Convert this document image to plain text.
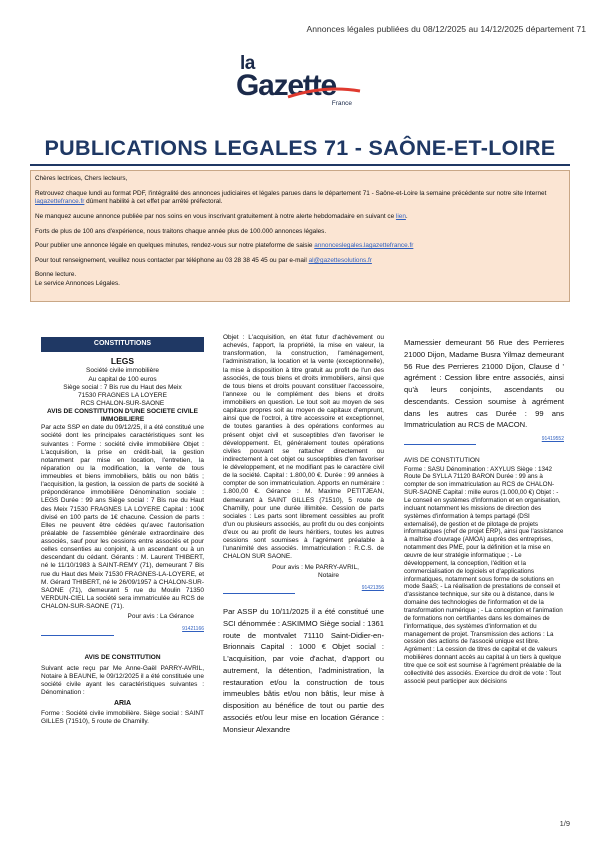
Annonces légales publiées du 08/12/2025 au 14/12/2025 département 71
la
Gazette
France
PUBLICATIONS LEGALES 71 - SAÔNE-ET-LOIRE

Chères lectrices, Chers lecteurs,

Retrouvez chaque lundi au format PDF, l'intégralité des annonces judiciaires et légales parues dans le département 71 - Saône-et-Loire la semaine précédente sur notre site Internet lagazettefrance.fr dûment habilité à cet effet par arrêté préfectoral.

Ne manquez aucune annonce publiée par nos soins en vous inscrivant gratuitement à notre alerte hebdomadaire en suivant ce lien.

Forts de plus de 100 ans d'expérience, nous traitons chaque année plus de 100.000 annonces légales.

Pour publier une annonce légale en quelques minutes, rendez-vous sur notre plateforme de saisie annonceslegales.lagazettefrance.fr

Pour tout renseignement, veuillez nous contacter par téléphone au 03 28 38 45 45 ou par e-mail al@gazettesolutions.fr

Bonne lecture.

Le service Annonces Légales.

CONSTITUTIONS
LEGS
Société civile immobilière
Au capital de 100 euros
Siège social : 7 Bis rue du Haut des Meix
71530 FRAGNES LA LOYERE
RCS CHALON-SUR-SAONE
AVIS DE CONSTITUTION D'UNE SOCIETE CIVILE IMMOBILIERE
Par acte SSP en date du 09/12/25, il a été constitué une société dont les principales caractéristiques sont les suivantes : Forme : société civile immobilière Objet : L'acquisition, la prise en crédit-bail, la gestion notamment par mise en location, l'entretien, la réparation ou la modification, la vente de tous immeubles et biens immobiliers, bâtis ou non bâtis ; l'acquisition, la gestion, la cession de parts de société à prépondérance immobilière Dénomination sociale : LEGS Durée : 99 ans Siège social : 7 Bis rue du Haut des Meix 71530 FRAGNES LA LOYERE Capital : 100€ divisé en 100 parts de 1€ chacune. Cession de parts : Elles ne peuvent être cédées qu'avec l'autorisation préalable de l'assemblée générale extraordinaire des associés, sauf pour les cessions entre associés et pour celles consenties au conjoint, à un ascendant ou à un descendant du cédant. Gérants : M. Laurent THIBERT, né le 11/10/1983 à SAINT-REMY (71), demeurant 7 Bis rue du Haut des Meix 71530 FRAGNES-LA-LOYERE, et M. Gérard THIBERT, né le 26/09/1957 à CHALON-SUR-SAONE (71), demeurant 5 rue du Moulin 71350 VERDUN-CIEL La société sera immatriculée au RCS de CHALON-SUR-SAONE (71).
Pour avis : La Gérance
91421166
AVIS DE CONSTITUTION
Suivant acte reçu par Me Anne-Gaël PARRY-AVRIL, Notaire à BEAUNE, le 09/12/2025 il a été constituée une société civile ayant les caractéristiques suivantes : Dénomination :
ARIA
Forme : Société civile immobilière. Siège social : SAINT GILLES (71510), 5 route de Chamilly.
Objet : L'acquisition, en état futur d'achèvement ou achevés, l'apport, la propriété, la mise en valeur, la transformation, la construction, l'aménagement, l'administration, la location et la vente (exceptionnelle), la mise à disposition à titre gratuit au profit de l'un des associés, de tous biens et droits immobiliers, ainsi que de tous biens et droits pouvant constituer l'accessoire, l'annexe ou le complément des biens et droits immobiliers en question. Le tout soit au moyen de ses capitaux propres soit au moyen de capitaux d'emprunt, ainsi que de l'octroi, à titre accessoire et exceptionnel, de toutes garanties à des opérations conformes au présent objet civil et susceptibles d'en favoriser le développement. Et, généralement toutes opérations civiles pouvant se rattacher directement ou indirectement à cet objet ou susceptibles d'en favoriser le développement, et ne modifiant pas le caractère civil de la société. Capital : 1.800,00 €. Durée : 99 années à compter de son immatriculation. Apports en numéraire : 1.800,00 €. Gérance : M. Maxime PETITJEAN, demeurant à SAINT GILLES (71510), 5 route de Chamilly, pour une durée illimitée. Cession de parts sociales : Les parts sont librement cessibles au profit d'un ou plusieurs associés, au profit du ou des conjoints d'eux ou au profit de leurs héritiers, toutes les autres cessions sont soumises à l'agrément préalable à l'unanimité des associés. Immatriculation : R.C.S. de CHALON SUR SAONE.
Pour avis : Me PARRY-AVRIL,
Notaire
91421356
Par ASSP du 10/11/2025 il a été constitué une SCI dénommée : ASKIMMO Siège social : 1361 route de montvalet 71110 Saint-Didier-en-Brionnais Capital : 1000 € Objet social : L'acquisition, par voie d'achat, d'apport ou autrement, la détention, l'administration, la restauration et/ou la construction de tous immeubles bâtis et/ou non bâtis, leur mise à disposition au bénéfice de tout ou partie des associés et/ou leur mise en location Gérance : Monsieur Alexandre
Mamessier demeurant 56 Rue des Perrieres 21000 Dijon, Madame Busra Yilmaz demeurant 56 Rue des Perrieres 21000 Dijon, Clause d ' agrément : Cession libre entre associés, ainsi qu'à leurs conjoints, ascendants ou descendants. Cession soumise à agrément dans les autres cas Durée : 99 ans Immatriculation au RCS de MACON.
91419552
AVIS DE CONSTITUTION
Forme : SASU Dénomination : AXYLUS Siège : 1342 Route De SYLLA 71120 BARON Durée : 99 ans à compter de son immatriculation au RCS de CHALON-SUR-SAONE Capital : mille euros (1.000,00 €) Objet : - Le conseil en systèmes d'information et en organisation, incluant notamment les missions de direction des systèmes d'information à temps partagé (DSI externalisé), de gestion et de pilotage de projets informatiques (chef de projet ERP), ainsi que l'assistance à maîtrise d'ouvrage (AMOA) auprès des entreprises, notamment des PME, pour la définition et la mise en œuvre de leur stratégie informatique ; - Le développement, la conception, l'édition et la commercialisation de logiciels et d'applications informatiques, notamment sous forme de solutions en mode SaaS; - La réalisation de prestations de conseil et d'assistance technique, sur site ou à distance, dans le domaine des technologies de l'information et de la transformation numérique ; - La conception et l'animation de formations non certifiantes dans les domaines de l'informatique, des systèmes d'information et du management de projet. Transmission des actions : La cession des actions de l'associé unique est libre. Agrément : La cession de titres de capital et de valeurs mobilières donnant accès au capital à un tiers à quelque titre que ce soit est soumise à l'agrément préalable de la collectivité des associés. Exercice du droit de vote : Tout associé peut participer aux décisions
1/9
